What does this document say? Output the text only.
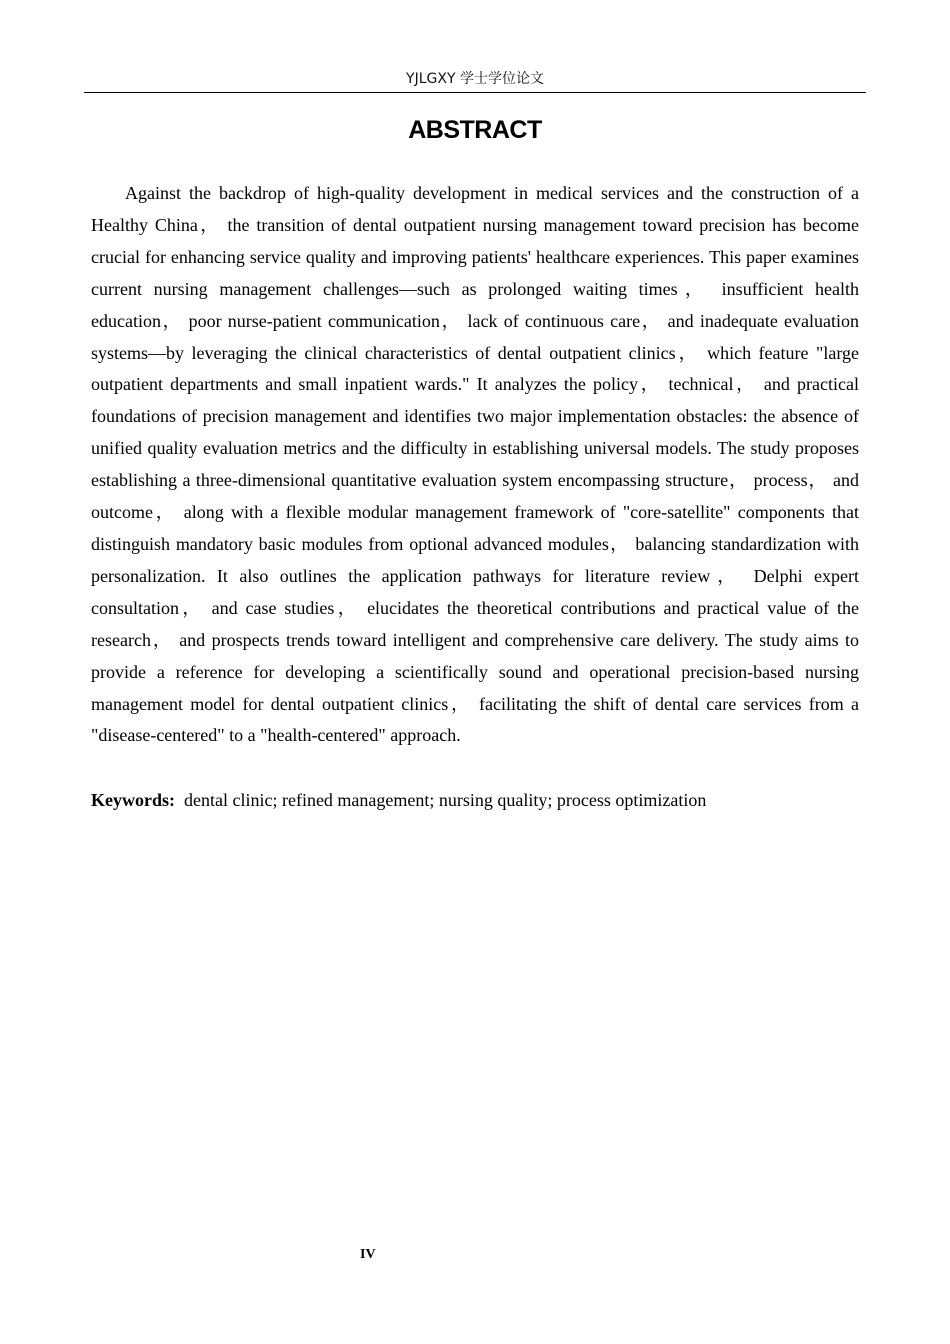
YJLGXY 学士学位论文
ABSTRACT

Against the backdrop of high-quality development in medical services and the construction of a Healthy China， the transition of dental outpatient nursing management toward precision has become crucial for enhancing service quality and improving patients' healthcare experiences. This paper examines current nursing management challenges—such as prolonged waiting times， insufficient health education， poor nurse-patient communication， lack of continuous care， and inadequate evaluation systems—by leveraging the clinical characteristics of dental outpatient clinics， which feature "large outpatient departments and small inpatient wards." It analyzes the policy， technical， and practical foundations of precision management and identifies two major implementation obstacles: the absence of unified quality evaluation metrics and the difficulty in establishing universal models. The study proposes establishing a three-dimensional quantitative evaluation system encompassing structure， process， and outcome， along with a flexible modular management framework of "core-satellite" components that distinguish mandatory basic modules from optional advanced modules， balancing standardization with personalization. It also outlines the application pathways for literature review， Delphi expert consultation， and case studies， elucidates the theoretical contributions and practical value of the research， and prospects trends toward intelligent and comprehensive care delivery. The study aims to provide a reference for developing a scientifically sound and operational precision-based nursing management model for dental outpatient clinics， facilitating the shift of dental care services from a "disease-centered" to a "health-centered" approach.

Keywords: dental clinic; refined management; nursing quality; process optimization
IV
